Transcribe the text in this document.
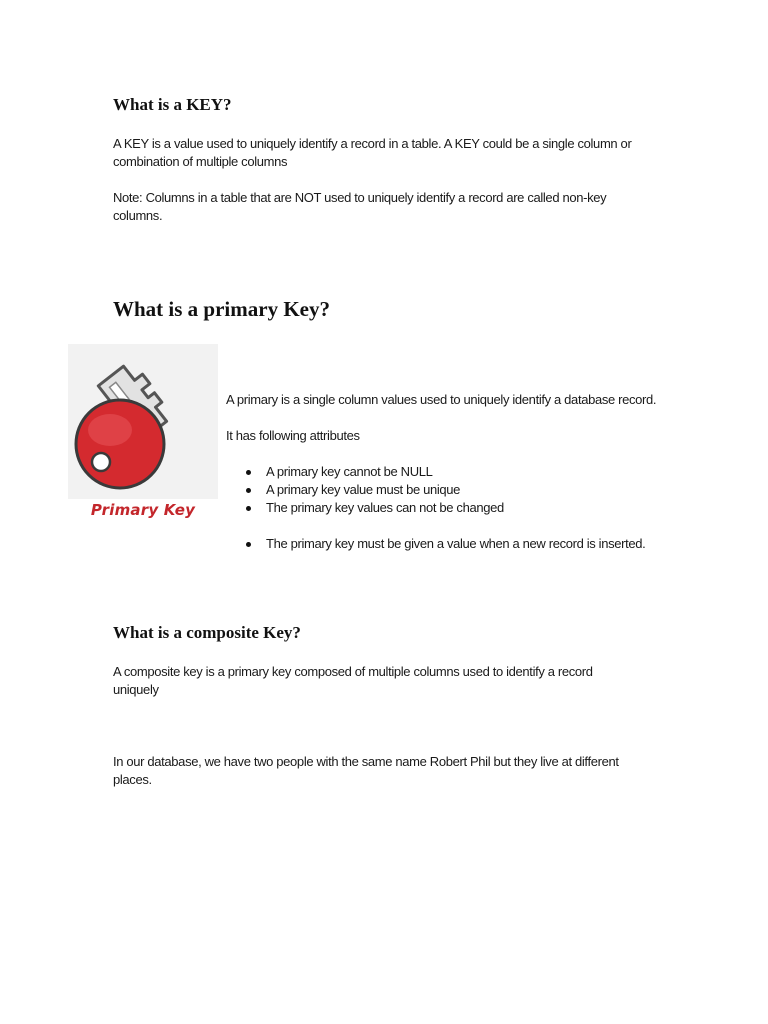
What is a KEY?

A KEY is a value used to uniquely identify a record in a table. A KEY could be a single column or combination of multiple columns

Note: Columns in a table that are NOT used to uniquely identify a record are called non-key columns.

What is a primary Key?
Primary Key

A primary is a single column values used to uniquely identify a database record.

It has following attributes

A primary key cannot be NULL
A primary key value must be unique
The primary key values can not be changed
The primary key must be given a value when a new record is inserted.
What is a composite Key?

A composite key is a primary key composed of multiple columns used to identify a record uniquely

In our database, we have two people with the same name Robert Phil but they live at different places.
